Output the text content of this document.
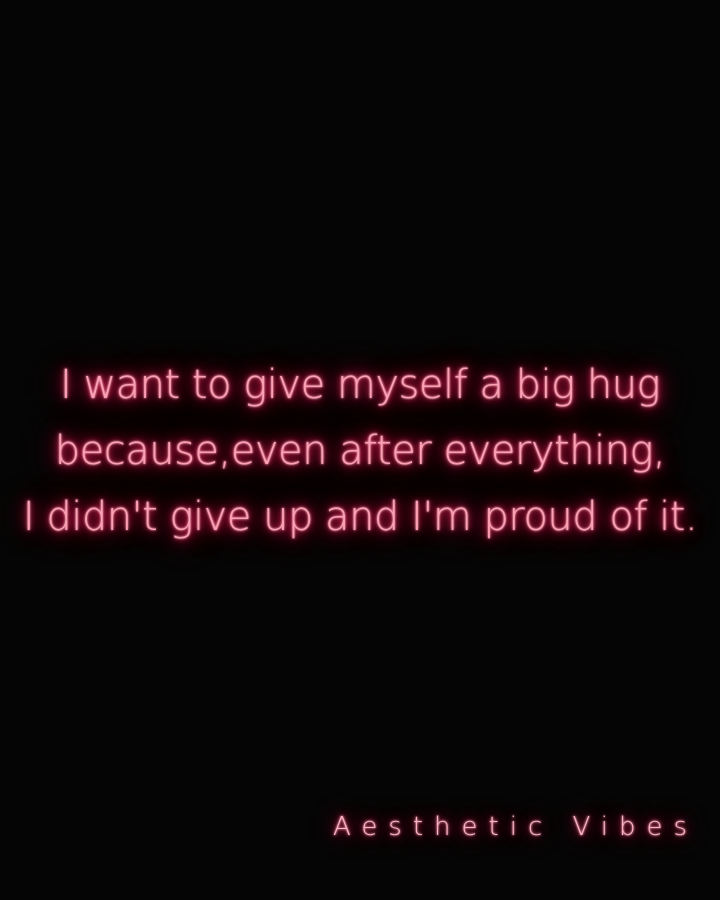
I want to give myself a big hug
because,even after everything,
I didn't give up and I'm proud of it.
Aesthetic Vibes
